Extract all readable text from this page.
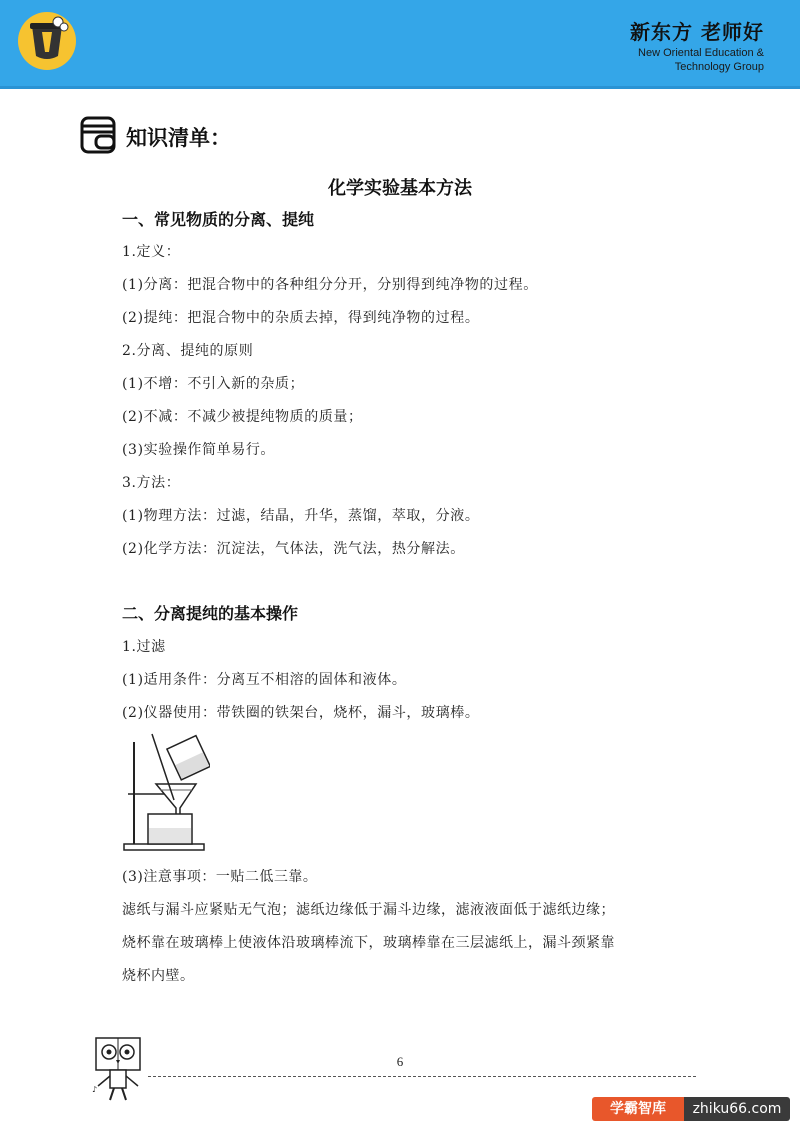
新东方 老师好
New Oriental Education &
Technology Group
知识清单：
化学实验基本方法
一、常见物质的分离、提纯
1.定义：
(1)分离：把混合物中的各种组分分开，分别得到纯净物的过程。
(2)提纯：把混合物中的杂质去掉，得到纯净物的过程。
2.分离、提纯的原则
(1)不增：不引入新的杂质；
(2)不减：不减少被提纯物质的质量；
(3)实验操作简单易行。
3.方法：
(1)物理方法：过滤，结晶，升华，蒸馏，萃取，分液。
(2)化学方法：沉淀法，气体法，洗气法，热分解法。
二、分离提纯的基本操作
1.过滤
(1)适用条件：分离互不相溶的固体和液体。
(2)仪器使用：带铁圈的铁架台，烧杯，漏斗，玻璃棒。
(3)注意事项：一贴二低三靠。
滤纸与漏斗应紧贴无气泡；滤纸边缘低于漏斗边缘，滤液液面低于滤纸边缘；
烧杯靠在玻璃棒上使液体沿玻璃棒流下，玻璃棒靠在三层滤纸上，漏斗颈紧靠
烧杯内壁。
♪
6
学霸智库	zhiku66.com
